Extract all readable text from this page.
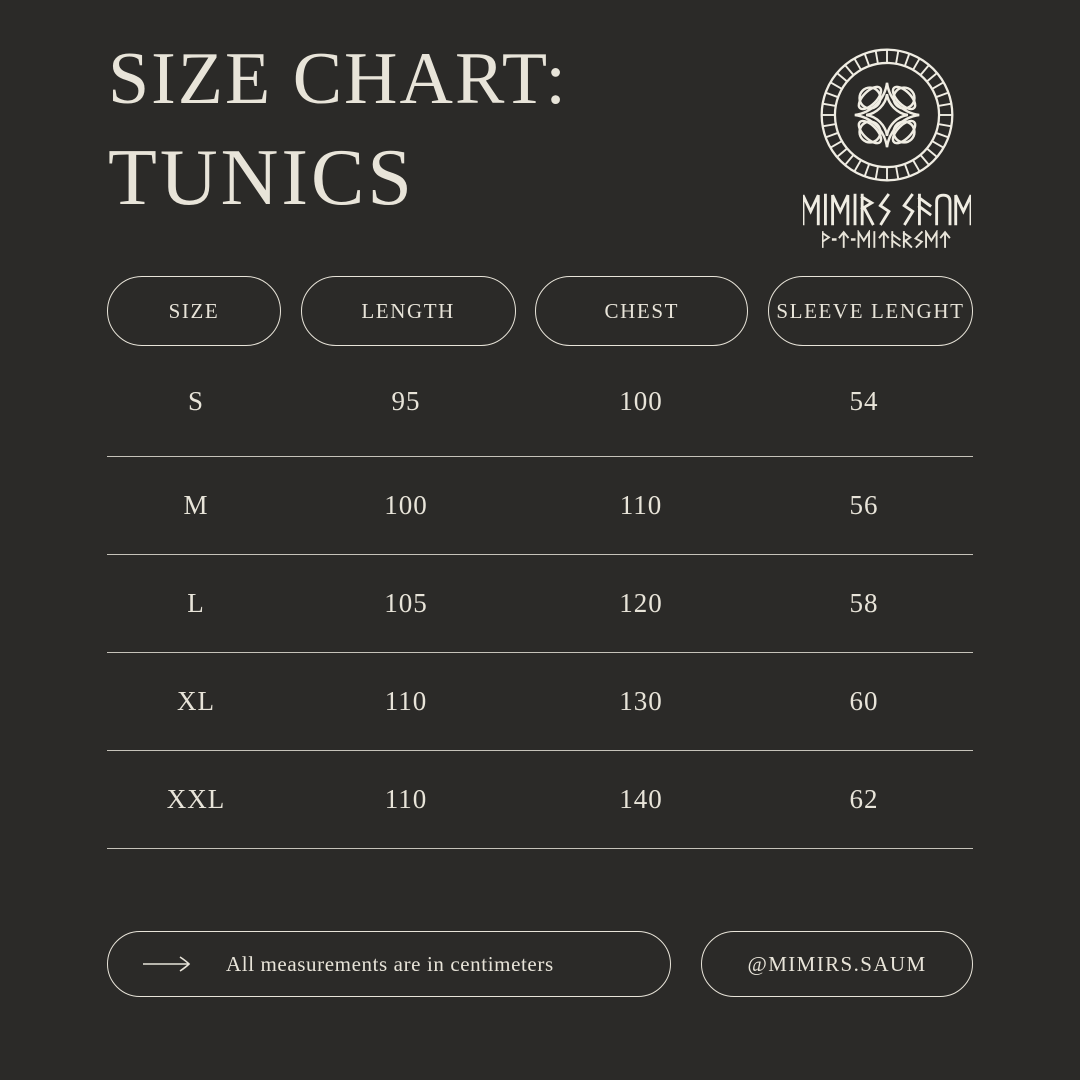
SIZE CHART:
TUNICS
SIZE	LENGTH	CHEST	SLEEVE LENGHT
S	95	100	54
M	100	110	56
L	105	120	58
XL	110	130	60
XXL	110	140	62
All measurements are in centimeters	@MIMIRS.SAUM
